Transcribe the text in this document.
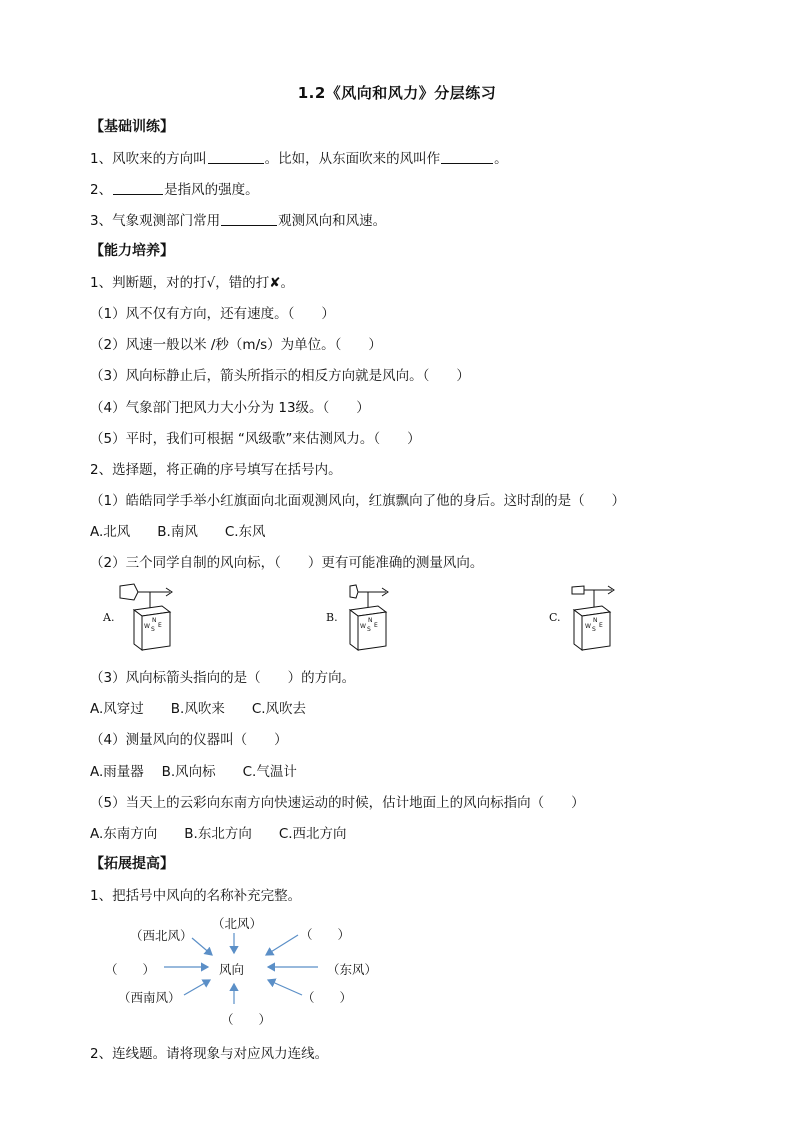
1.2《风向和风力》分层练习
【基础训练】
1、风吹来的方向叫	。比如，从东面吹来的风叫作	。
2、	是指风的强度。
3、气象观测部门常用	观测风向和风速。
【能力培养】
1、判断题，对的打√，错的打✘。
（1）风不仅有方向，还有速度。（　　）
（2）风速一般以米 /秒（m/s）为单位。（　　）
（3）风向标静止后，箭头所指示的相反方向就是风向。（　　）
（4）气象部门把风力大小分为 13级。（　　）
（5）平时，我们可根据 “风级歌”来估测风力。（　　）
2、选择题，将正确的序号填写在括号内。
（1）皓皓同学手举小红旗面向北面观测风向，红旗飘向了他的身后。这时刮的是（　　）
A.北风　　B.南风　　C.东风
（2）三个同学自制的风向标，（　　）更有可能准确的测量风向。
A.	B.	C.
N
W S
E
N
W S
E
N
W S
E
（3）风向标箭头指向的是（　　）的方向。
A.风穿过　　B.风吹来　　C.风吹去
（4）测量风向的仪器叫（　　）
A.雨量器　 B.风向标　　C.气温计
（5）当天上的云彩向东南方向快速运动的时候，估计地面上的风向标指向（　　）
A.东南方向　　B.东北方向　　C.西北方向
【拓展提高】
1、把括号中风向的名称补充完整。
风向
（北风）
（西北风）	（　　）
（　　）	（东风）
（西南风）	（　　）
（　　）
2、连线题。请将现象与对应风力连线。
